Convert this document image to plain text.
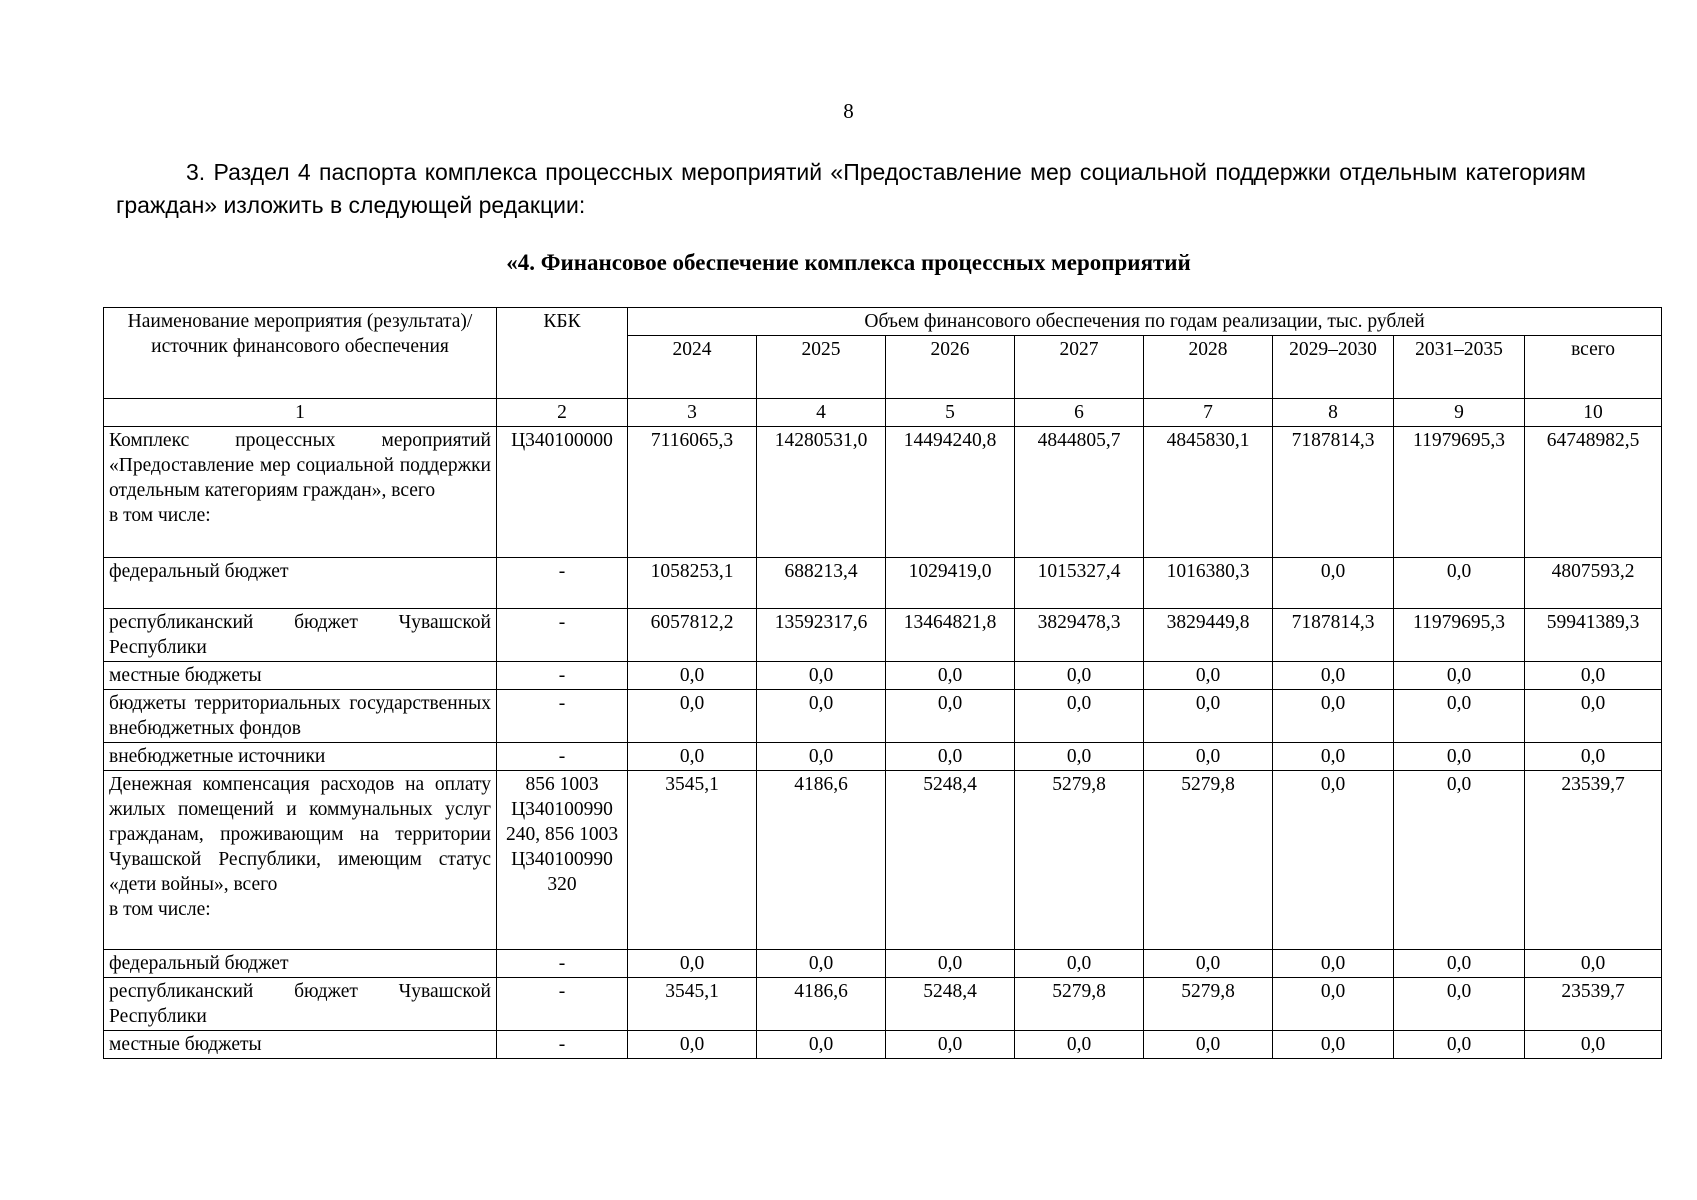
8

3. Раздел 4 паспорта комплекса процессных мероприятий «Предоставление мер социальной поддержки отдельным категориям граждан» изложить в следующей редакции:

«4. Финансовое обеспечение комплекса процессных мероприятий
Наименование мероприятия (результата)/источник финансового обеспечения	КБК	Объем финансового обеспечения по годам реализации, тыс. рублей							
		2024	2025	2026	2027	2028	2029–2030	2031–2035	всего
1	2	3	4	5	6	7	8	9	10
Комплекс процессных мероприятий «Предоставление мер социальной поддержки отдельным категориям граждан», всего
в том числе:	Ц340100000	7116065,3	14280531,0	14494240,8	4844805,7	4845830,1	7187814,3	11979695,3	64748982,5
федеральный бюджет	-	1058253,1	688213,4	1029419,0	1015327,4	1016380,3	0,0	0,0	4807593,2
республиканский бюджет Чувашской Республики	-	6057812,2	13592317,6	13464821,8	3829478,3	3829449,8	7187814,3	11979695,3	59941389,3
местные бюджеты	-	0,0	0,0	0,0	0,0	0,0	0,0	0,0	0,0
бюджеты территориальных государственных внебюджетных фондов	-	0,0	0,0	0,0	0,0	0,0	0,0	0,0	0,0
внебюджетные источники	-	0,0	0,0	0,0	0,0	0,0	0,0	0,0	0,0
Денежная компенсация расходов на оплату жилых помещений и коммунальных услуг гражданам, проживающим на территории Чувашской Республики, имеющим статус «дети войны», всего
в том числе:	856 1003 Ц340100990 240, 856 1003 Ц340100990 320	3545,1	4186,6	5248,4	5279,8	5279,8	0,0	0,0	23539,7
федеральный бюджет	-	0,0	0,0	0,0	0,0	0,0	0,0	0,0	0,0
республиканский бюджет Чувашской Республики	-	3545,1	4186,6	5248,4	5279,8	5279,8	0,0	0,0	23539,7
местные бюджеты	-	0,0	0,0	0,0	0,0	0,0	0,0	0,0	0,0
